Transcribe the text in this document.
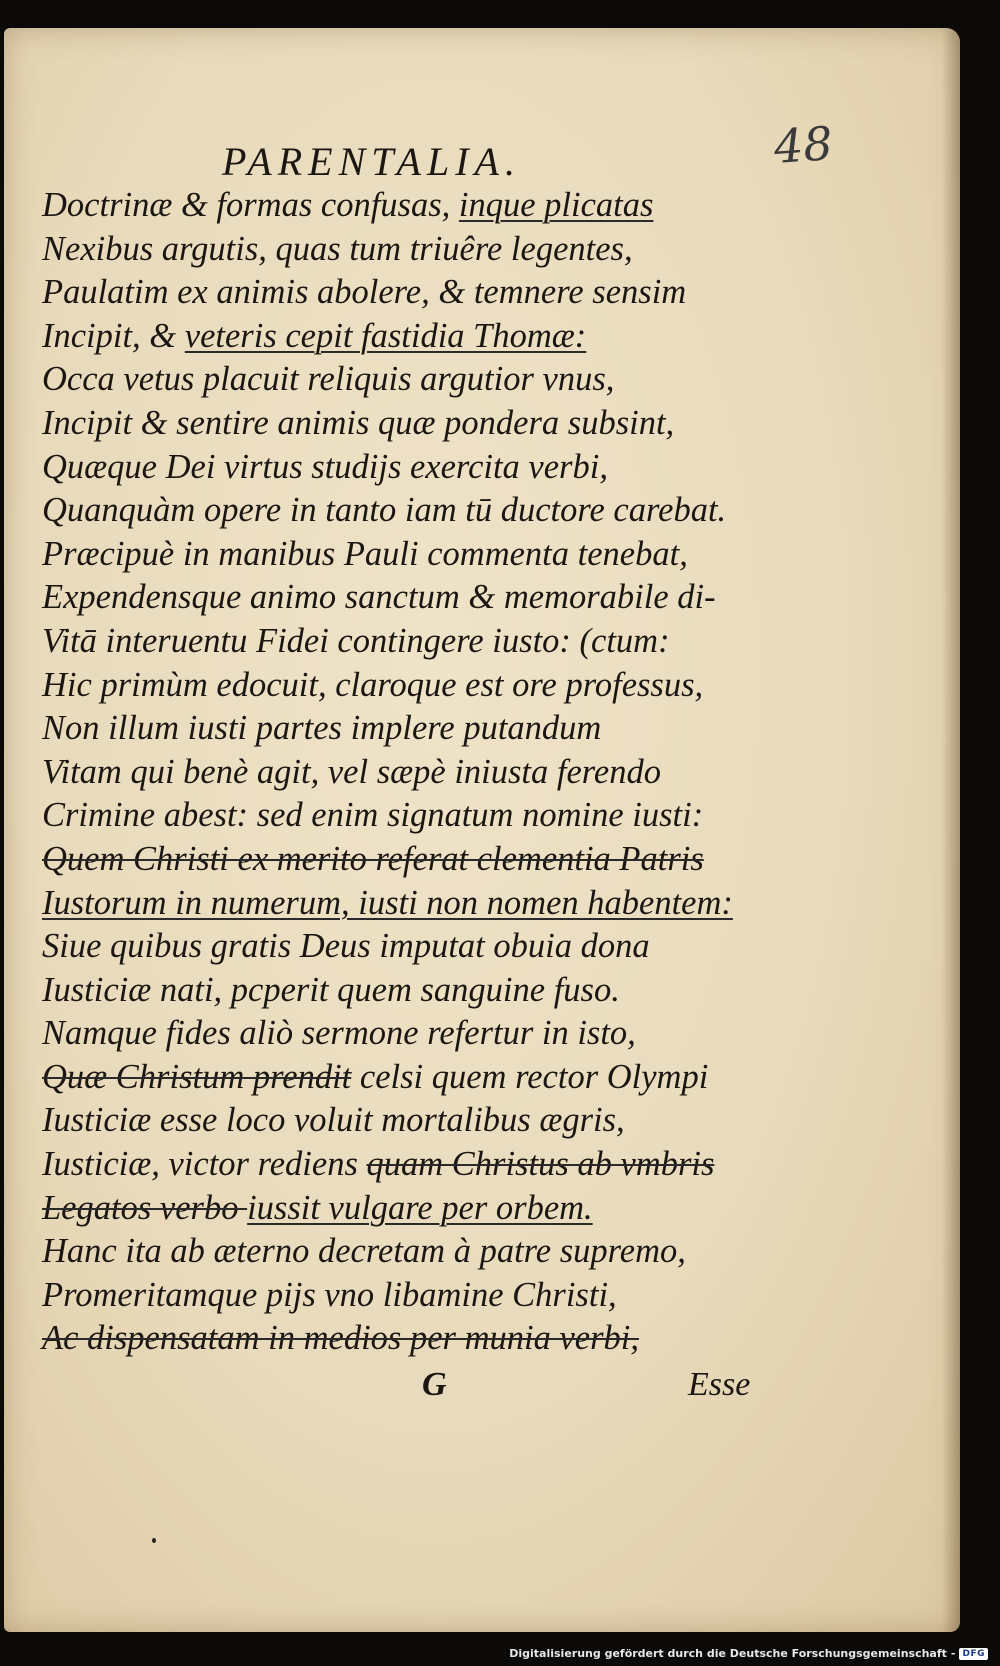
PARENTALIA.	48
Doctrinæ & formas confusas, inque plicatas
Nexibus argutis, quas tum triuêre legentes,
Paulatim ex animis abolere, & temnere sensim
Incipit, & veteris cepit fastidia Thomæ:
Occa vetus placuit reliquis argutior vnus,
Incipit & sentire animis quæ pondera subsint,
Quæque Dei virtus studijs exercita verbi,
Quanquàm opere in tanto iam tū ductore carebat.
Præcipuè in manibus Pauli commenta tenebat,
Expendensque animo sanctum & memorabile di-
Vitā interuentu Fidei contingere iusto: (ctum:
Hic primùm edocuit, claroque est ore professus,
Non illum iusti partes implere putandum
Vitam qui benè agit, vel sæpè iniusta ferendo
Crimine abest: sed enim signatum nomine iusti:
Quem Christi ex merito referat clementia Patris
Iustorum in numerum, iusti non nomen habentem:
Siue quibus gratis Deus imputat obuia dona
Iusticiæ nati, pcperit quem sanguine fuso.
Namque fides aliò sermone refertur in isto,
Quæ Christum prendit celsi quem rector Olympi
Iusticiæ esse loco voluit mortalibus ægris,
Iusticiæ, victor rediens quam Christus ab vmbris
Legatos verbo iussit vulgare per orbem.
Hanc ita ab æterno decretam à patre supremo,
Promeritamque pijs vno libamine Christi,
Ac dispensatam in medios per munia verbi,
G	Esse
Digitalisierung gefördert durch die Deutsche Forschungsgemeinschaft - DFG
